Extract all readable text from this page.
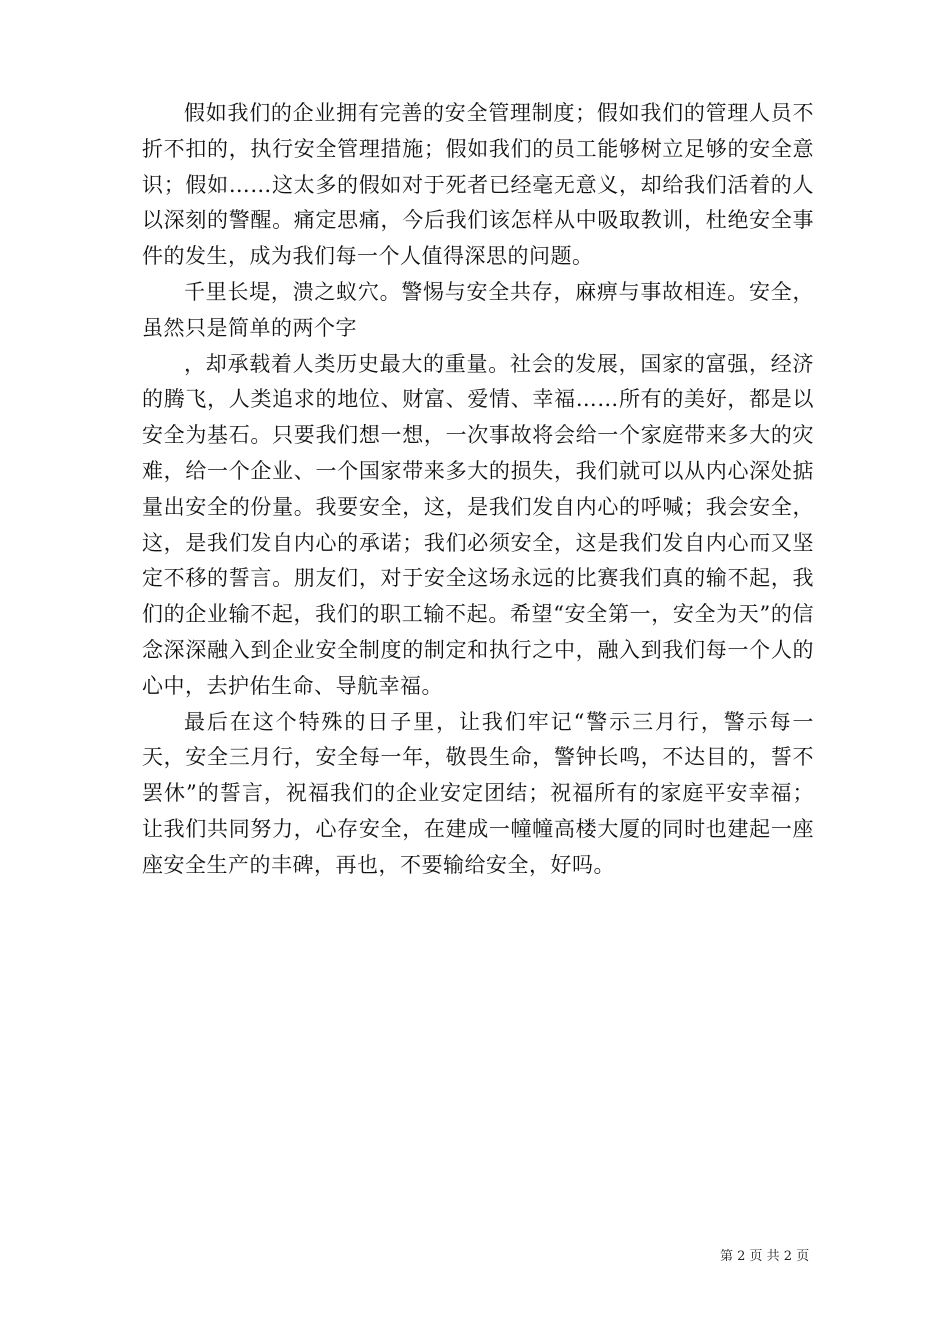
假如我们的企业拥有完善的安全管理制度；假如我们的管理人员不折不扣的，执行安全管理措施；假如我们的员工能够树立足够的安全意识；假如……这太多的假如对于死者已经毫无意义，却给我们活着的人以深刻的警醒。痛定思痛，今后我们该怎样从中吸取教训，杜绝安全事件的发生，成为我们每一个人值得深思的问题。

千里长堤，溃之蚁穴。警惕与安全共存，麻痹与事故相连。安全，虽然只是简单的两个字

，却承载着人类历史最大的重量。社会的发展，国家的富强，经济的腾飞，人类追求的地位、财富、爱情、幸福……所有的美好，都是以安全为基石。只要我们想一想，一次事故将会给一个家庭带来多大的灾难，给一个企业、一个国家带来多大的损失，我们就可以从内心深处掂量出安全的份量。我要安全，这，是我们发自内心的呼喊；我会安全，这，是我们发自内心的承诺；我们必须安全，这是我们发自内心而又坚定不移的誓言。朋友们，对于安全这场永远的比赛我们真的输不起，我们的企业输不起，我们的职工输不起。希望“安全第一，安全为天”的信念深深融入到企业安全制度的制定和执行之中，融入到我们每一个人的心中，去护佑生命、导航幸福。

最后在这个特殊的日子里，让我们牢记“警示三月行，警示每一天，安全三月行，安全每一年，敬畏生命，警钟长鸣，不达目的，誓不罢休”的誓言，祝福我们的企业安定团结；祝福所有的家庭平安幸福；让我们共同努力，心存安全，在建成一幢幢高楼大厦的同时也建起一座座安全生产的丰碑，再也，不要输给安全，好吗。

第 2 页 共 2 页
